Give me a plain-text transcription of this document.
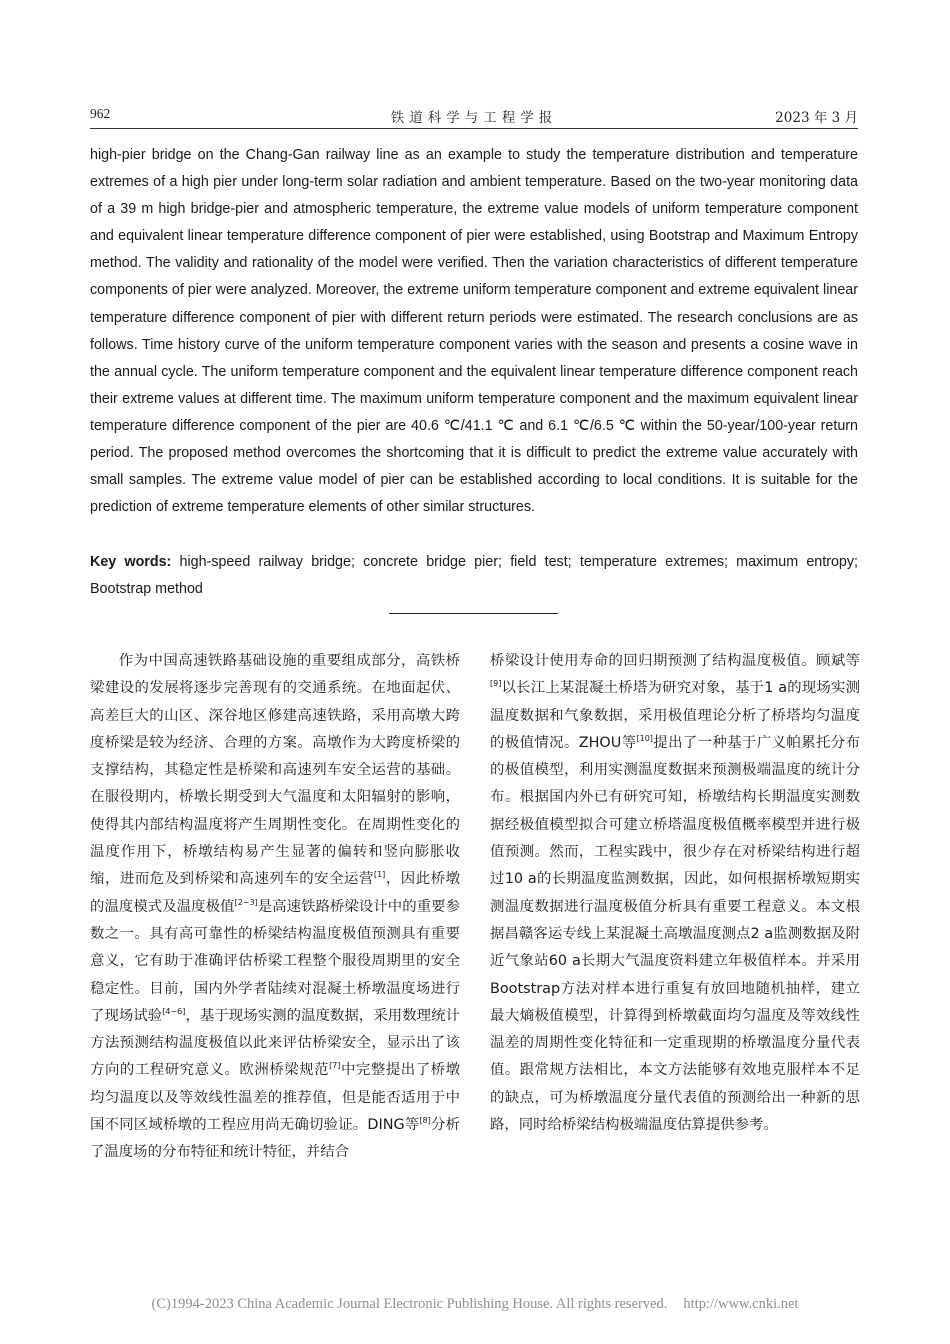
962	铁道科学与工程学报	2023 年 3 月

high-pier bridge on the Chang-Gan railway line as an example to study the temperature distribution and temperature extremes of a high pier under long-term solar radiation and ambient temperature. Based on the two-year monitoring data of a 39 m high bridge-pier and atmospheric temperature, the extreme value models of uniform temperature component and equivalent linear temperature difference component of pier were established, using Bootstrap and Maximum Entropy method. The validity and rationality of the model were verified. Then the variation characteristics of different temperature components of pier were analyzed. Moreover, the extreme uniform temperature component and extreme equivalent linear temperature difference component of pier with different return periods were estimated. The research conclusions are as follows. Time history curve of the uniform temperature component varies with the season and presents a cosine wave in the annual cycle. The uniform temperature component and the equivalent linear temperature difference component reach their extreme values at different time. The maximum uniform temperature component and the maximum equivalent linear temperature difference component of the pier are 40.6 ℃/41.1 ℃ and 6.1 ℃/6.5 ℃ within the 50-year/100-year return period. The proposed method overcomes the shortcoming that it is difficult to predict the extreme value accurately with small samples. The extreme value model of pier can be established according to local conditions. It is suitable for the prediction of extreme temperature elements of other similar structures.

Key words: high-speed railway bridge; concrete bridge pier; field test; temperature extremes; maximum entropy; Bootstrap method

作为中国高速铁路基础设施的重要组成部分，高铁桥梁建设的发展将逐步完善现有的交通系统。在地面起伏、高差巨大的山区、深谷地区修建高速铁路，采用高墩大跨度桥梁是较为经济、合理的方案。高墩作为大跨度桥梁的支撑结构，其稳定性是桥梁和高速列车安全运营的基础。在服役期内，桥墩长期受到大气温度和太阳辐射的影响，使得其内部结构温度将产生周期性变化。在周期性变化的温度作用下，桥墩结构易产生显著的偏转和竖向膨胀收缩，进而危及到桥梁和高速列车的安全运营[1]，因此桥墩的温度模式及温度极值[2−3]是高速铁路桥梁设计中的重要参数之一。具有高可靠性的桥梁结构温度极值预测具有重要意义，它有助于准确评估桥梁工程整个服役周期里的安全稳定性。目前，国内外学者陆续对混凝土桥墩温度场进行了现场试验[4−6]，基于现场实测的温度数据，采用数理统计方法预测结构温度极值以此来评估桥梁安全，显示出了该方向的工程研究意义。欧洲桥梁规范[7]中完整提出了桥墩均匀温度以及等效线性温差的推荐值，但是能否适用于中国不同区域桥墩的工程应用尚无确切验证。DING等[8]分析了温度场的分布特征和统计特征，并结合

桥梁设计使用寿命的回归期预测了结构温度极值。顾斌等[9]以长江上某混凝土桥塔为研究对象，基于1 a的现场实测温度数据和气象数据，采用极值理论分析了桥塔均匀温度的极值情况。ZHOU等[10]提出了一种基于广义帕累托分布的极值模型，利用实测温度数据来预测极端温度的统计分布。根据国内外已有研究可知，桥墩结构长期温度实测数据经极值模型拟合可建立桥塔温度极值概率模型并进行极值预测。然而，工程实践中，很少存在对桥梁结构进行超过10 a的长期温度监测数据，因此，如何根据桥墩短期实测温度数据进行温度极值分析具有重要工程意义。本文根据昌赣客运专线上某混凝土高墩温度测点2 a监测数据及附近气象站60 a长期大气温度资料建立年极值样本。并采用Bootstrap方法对样本进行重复有放回地随机抽样，建立最大熵极值模型，计算得到桥墩截面均匀温度及等效线性温差的周期性变化特征和一定重现期的桥墩温度分量代表值。跟常规方法相比，本文方法能够有效地克服样本不足的缺点，可为桥墩温度分量代表值的预测给出一种新的思路，同时给桥梁结构极端温度估算提供参考。

(C)1994-2023 China Academic Journal Electronic Publishing House. All rights reserved. http://www.cnki.net
